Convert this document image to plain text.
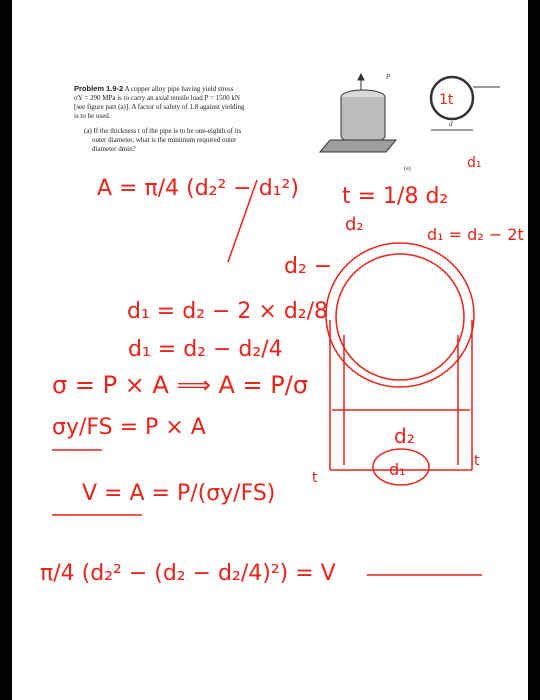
Problem 1.9-2 A copper alloy pipe having yield stress
σY = 290 MPa is to carry an axial tensile load P = 1500 kN
[see figure part (a)]. A factor of safety of 1.8 against yielding
is to be used.
(a) If the thickness t of the pipe is to be one-eighth of its
outer diameter, what is the minimum required outer
diameter dmin?
P
(a)
d
A = π/4 (d₂² − d₁²) t = 1/8 d₂
d₂	d₁ = d₂ − 2t
d₂ −
d₁ = d₂ − 2 × d₂/8
d₁ = d₂ − d₂/4
σ = P × A ⟹ A = P/σ
σy/FS = P × A
V = A = P/(σy/FS)
π/4 (d₂² − (d₂ − d₂/4)²) = V
1t
d₁
d₂
d₁
t
t
